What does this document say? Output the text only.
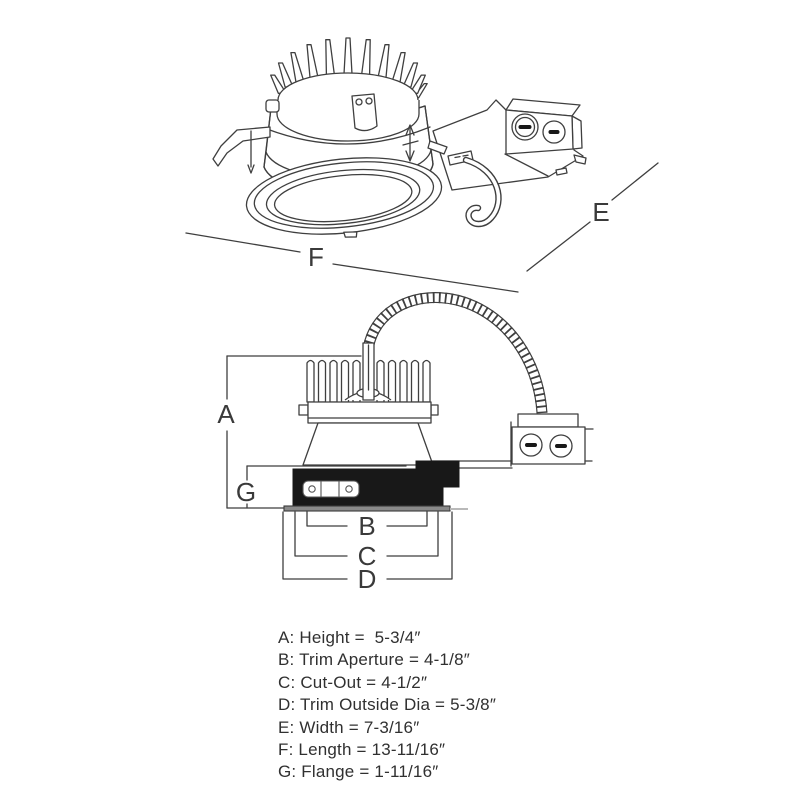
F
E
A
G
B
C
D
A: Height =  5-3/4″
B: Trim Aperture = 4-1/8″
C: Cut-Out = 4-1/2″
D: Trim Outside Dia = 5-3/8″
E: Width = 7-3/16″
F: Length = 13-11/16″
G: Flange = 1-11/16″
